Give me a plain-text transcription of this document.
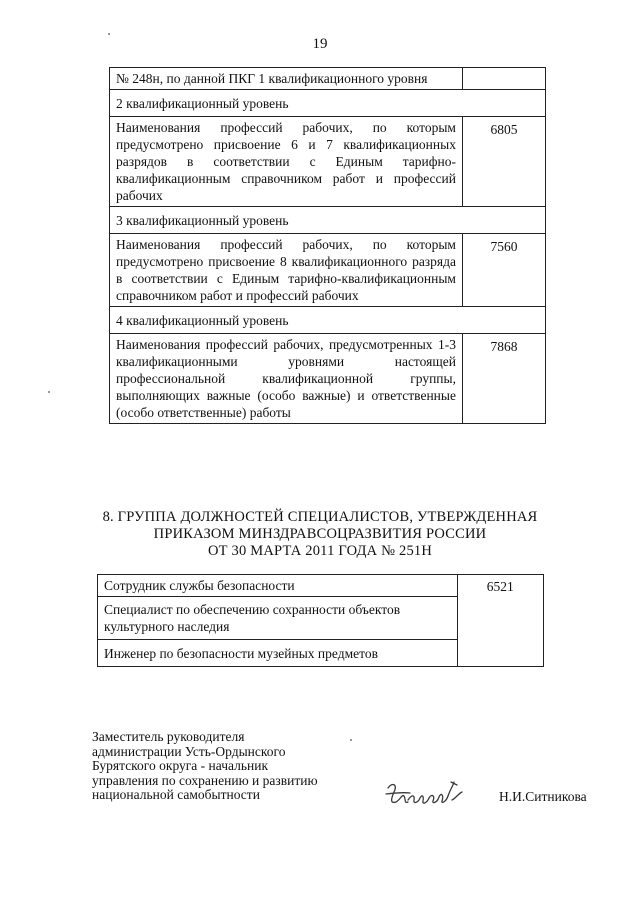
19
№ 248н, по данной ПКГ 1 квалификационного уровня	
2 квалификационный уровень	
Наименования профессий рабочих, по которым предусмотрено присвоение 6 и 7 квалификационных разрядов в соответствии с Единым тарифно-квалификационным справочником работ и профессий рабочих	6805
3 квалификационный уровень	
Наименования профессий рабочих, по которым предусмотрено присвоение 8 квалификационного разряда в соответствии с Единым тарифно-квалификационным справочником работ и профессий рабочих	7560
4 квалификационный уровень	
Наименования профессий рабочих, предусмотренных 1-3 квалификационными уровнями настоящей профессиональной квалификационной группы, выполняющих важные (особо важные) и ответственные (особо ответственные) работы	7868
8. ГРУППА ДОЛЖНОСТЕЙ СПЕЦИАЛИСТОВ, УТВЕРЖДЕННАЯ
ПРИКАЗОМ МИНЗДРАВСОЦРАЗВИТИЯ РОССИИ
ОТ 30 МАРТА 2011 ГОДА № 251Н
Сотрудник службы безопасности	6521
Специалист по обеспечению сохранности объектов культурного наследия
Инженер по безопасности музейных предметов
Заместитель руководителя
администрации Усть-Ордынского
Бурятского округа - начальник
управления по сохранению и развитию
национальной самобытности	Н.И.Ситникова
